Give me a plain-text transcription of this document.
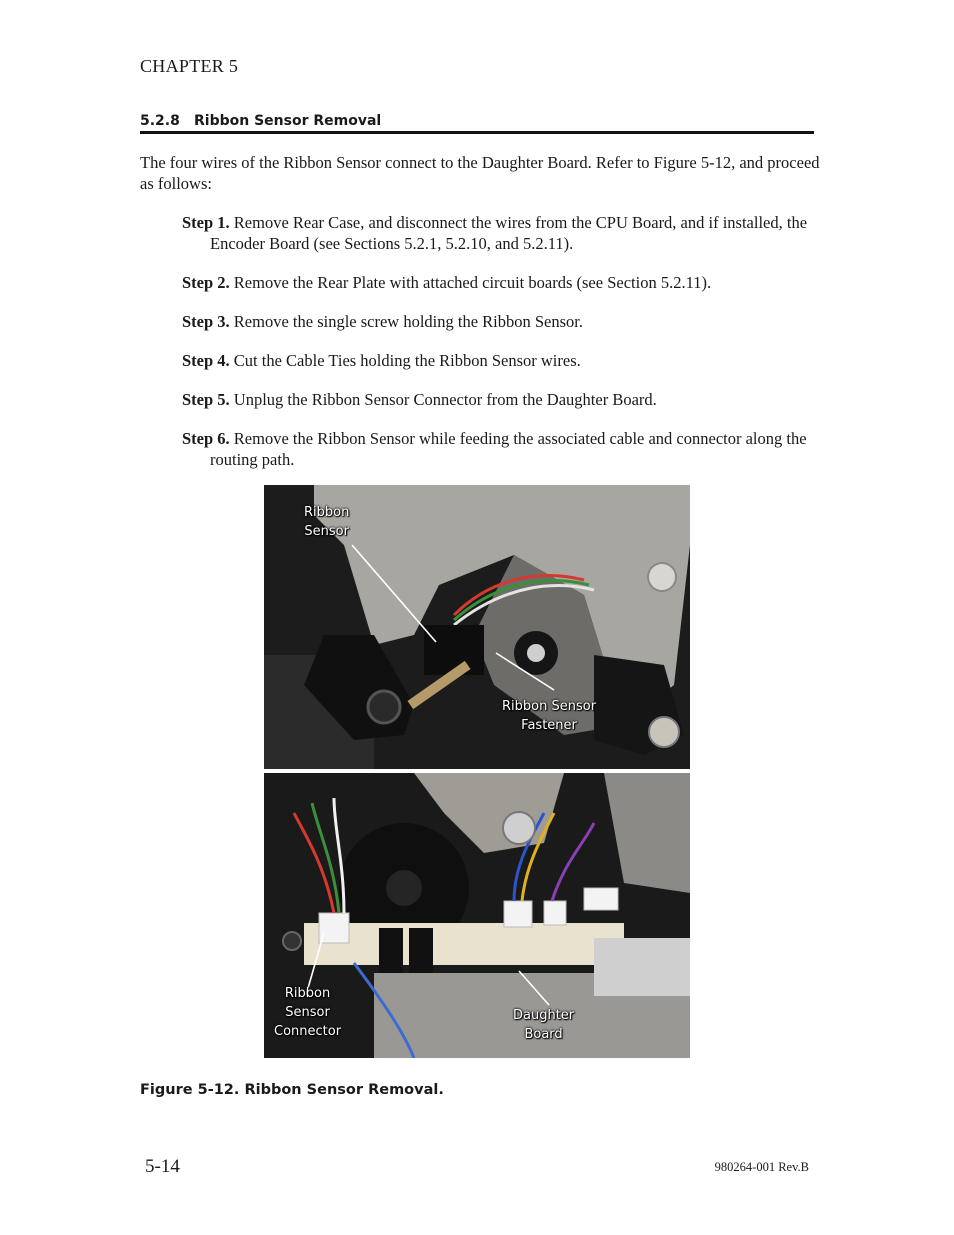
CHAPTER 5
5.2.8 Ribbon Sensor Removal

The four wires of the Ribbon Sensor connect to the Daughter Board. Refer to Figure 5-12, and proceed as follows:

Step 1. Remove Rear Case, and disconnect the wires from the CPU Board, and if installed, the Encoder Board (see Sections 5.2.1, 5.2.10, and 5.2.11).

Step 2. Remove the Rear Plate with attached circuit boards (see Section 5.2.11).

Step 3. Remove the single screw holding the Ribbon Sensor.

Step 4. Cut the Cable Ties holding the Ribbon Sensor wires.

Step 5. Unplug the Ribbon Sensor Connector from the Daughter Board.

Step 6. Remove the Ribbon Sensor while feeding the associated cable and connector along the routing path.

Ribbon
Sensor
Ribbon Sensor
Fastener
Ribbon
Sensor
Connector
Daughter
Board
Figure 5-12. Ribbon Sensor Removal.
5-14	980264-001 Rev.B
